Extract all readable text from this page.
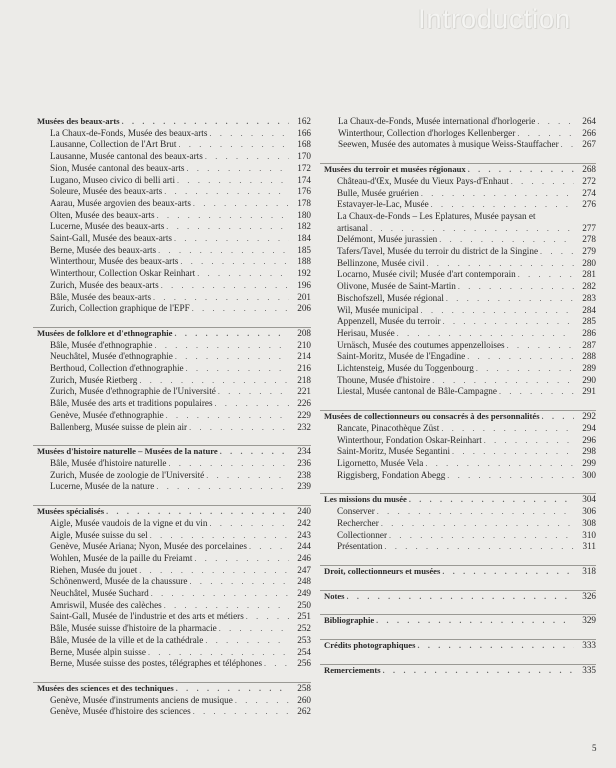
Introduction
Musées des beaux-arts . . .	162
La Chaux-de-Fonds, Musée des beaux-arts . . .	166
Lausanne, Collection de l'Art Brut . . .	168
Lausanne, Musée cantonal des beaux-arts . . .	170
Sion, Musée cantonal des beaux-arts . . .	172
Lugano, Museo civico di belli arti . . .	174
Soleure, Musée des beaux-arts . . .	176
Aarau, Musée argovien des beaux-arts . . .	178
Olten, Musée des beaux-arts . . .	180
Lucerne, Musée des beaux-arts . . .	182
Saint-Gall, Musée des beaux-arts . . .	184
Berne, Musée des beaux-arts . . .	185
Winterthour, Musée des beaux-arts . . .	188
Winterthour, Collection Oskar Reinhart . . .	192
Zurich, Musée des beaux-arts . . .	196
Bâle, Musée des beaux-arts . . .	201
Zurich, Collection graphique de l'EPF . . .	206
Musées de folklore et d'ethnographie . . .	208
Bâle, Musée d'ethnographie . . .	210
Neuchâtel, Musée d'ethnographie . . .	214
Berthoud, Collection d'ethnographie . . .	216
Zurich, Musée Rietberg . . .	218
Zurich, Musée d'ethnographie de l'Université . . .	221
Bâle, Musée des arts et traditions populaires . . .	226
Genève, Musée d'ethnographie . . .	229
Ballenberg, Musée suisse de plein air . . .	232
Musées d'histoire naturelle – Musées de la nature . . .	234
Bâle, Musée d'histoire naturelle . . .	236
Zurich, Musée de zoologie de l'Université . . .	238
Lucerne, Musée de la nature . . .	239
Musées spécialisés . . .	240
Aigle, Musée vaudois de la vigne et du vin . . .	242
Aigle, Musée suisse du sel . . .	243
Genève, Musée Ariana; Nyon, Musée des porcelaines . . .	244
Wohlen, Musée de la paille du Freiamt . . .	246
Riehen, Musée du jouet . . .	247
Schönenwerd, Musée de la chaussure . . .	248
Neuchâtel, Musée Suchard . . .	249
Amriswil, Musée des calèches . . .	250
Saint-Gall, Musée de l'industrie et des arts et métiers . . .	251
Bâle, Musée suisse d'histoire de la pharmacie . . .	252
Bâle, Musée de la ville et de la cathédrale . . .	253
Berne, Musée alpin suisse . . .	254
Berne, Musée suisse des postes, télégraphes et téléphones . . .	256
Musées des sciences et des techniques . . .	258
Genève, Musée d'instruments anciens de musique . . .	260
Genève, Musée d'histoire des sciences . . .	262
La Chaux-de-Fonds, Musée international d'horlogerie . . .	264
Winterthour, Collection d'horloges Kellenberger . . .	266
Seewen, Musée des automates à musique Weiss-Stauffacher . . .	267
Musées du terroir et musées régionaux . . .	268
Château-d'Œx, Musée du Vieux Pays-d'Enhaut . . .	272
Bulle, Musée gruérien . . .	274
Estavayer-le-Lac, Musée . . .	276
La Chaux-de-Fonds – Les Eplatures, Musée paysan et
artisanal . . .	277
Delémont, Musée jurassien . . .	278
Tafers/Tavel, Musée du terroir du district de la Singine . . .	279
Bellinzone, Musée civil . . .	280
Locarno, Musée civil; Musée d'art contemporain . . .	281
Olivone, Musée de Saint-Martin . . .	282
Bischofszell, Musée régional . . .	283
Wil, Musée municipal . . .	284
Appenzell, Musée du terroir . . .	285
Herisau, Musée . . .	286
Urnäsch, Musée des coutumes appenzelloises . . .	287
Saint-Moritz, Musée de l'Engadine . . .	288
Lichtensteig, Musée du Toggenbourg . . .	289
Thoune, Musée d'histoire . . .	290
Liestal, Musée cantonal de Bâle-Campagne . . .	291
Musées de collectionneurs ou consacrés à des personnalités . . .	292
Rancate, Pinacothèque Züst . . .	294
Winterthour, Fondation Oskar-Reinhart . . .	296
Saint-Moritz, Musée Segantini . . .	298
Ligornetto, Musée Vela . . .	299
Riggisberg, Fondation Abegg . . .	300
Les missions du musée . . .	304
Conserver . . .	306
Rechercher . . .	308
Collectionner . . .	310
Présentation . . .	311
Droit, collectionneurs et musées . . .	318
Notes . . .	326
Bibliographie . . .	329
Crédits photographiques . . .	333
Remerciements . . .	335
5
